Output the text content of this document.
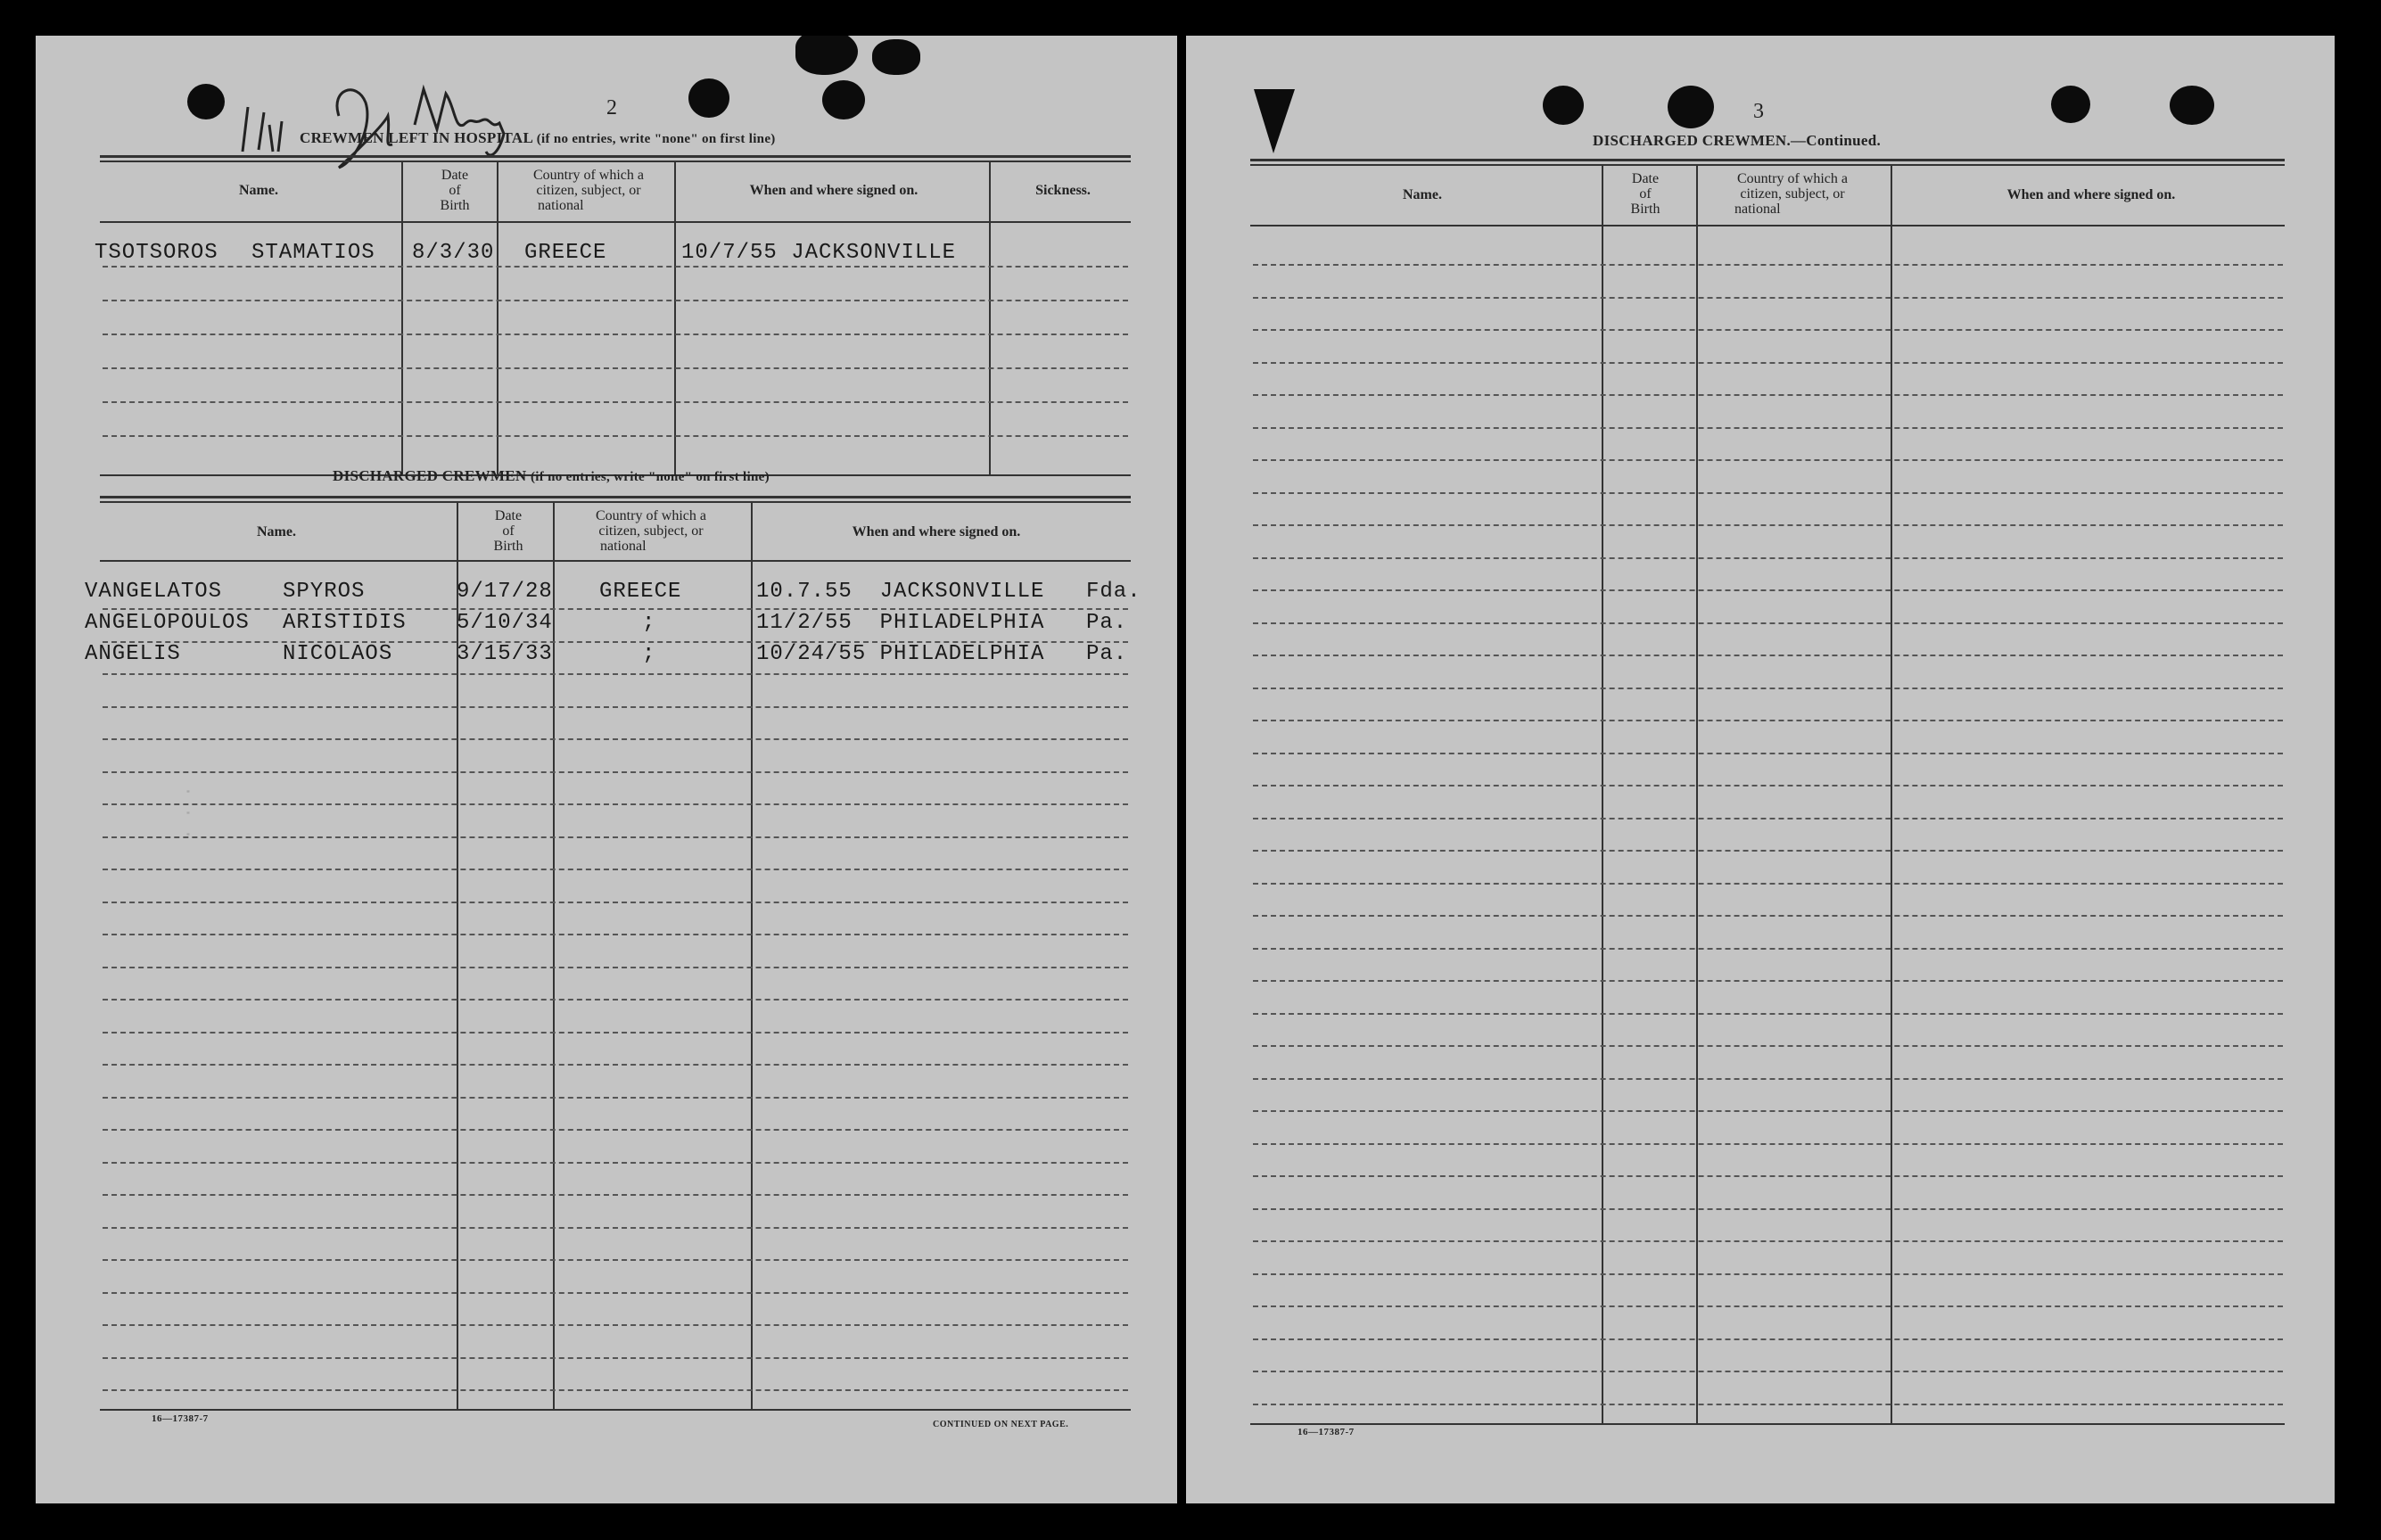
2
CREWMEN LEFT IN HOSPITAL (if no entries, write "none" on first line)
Name.
Date
of
Birth
Country of which a
citizen, subject, or
national
When and where signed on.	Sickness.
TSOTSOROS STAMATIOS 8/3/30 GREECE	10/7/55 JACKSONVILLE
DISCHARGED CREWMEN (if no entries, write "none" on first line)
Name.
Date
of
Birth
Country of which a
citizen, subject, or
national
When and where signed on.
VANGELATOS	SPYROS	9/17/28 GREECE	10.7.55  JACKSONVILLE Fda.
ANGELOPOULOS ARISTIDIS 5/10/34	;	11/2/55  PHILADELPHIA Pa.
ANGELIS	NICOLAOS	3/15/33	;	10/24/55 PHILADELPHIA Pa.
· · ·
16—17387-7
CONTINUED ON NEXT PAGE.
3
DISCHARGED CREWMEN.—Continued.
Name.
Date
of
Birth
Country of which a
citizen, subject, or
national
When and where signed on.
16—17387-7
